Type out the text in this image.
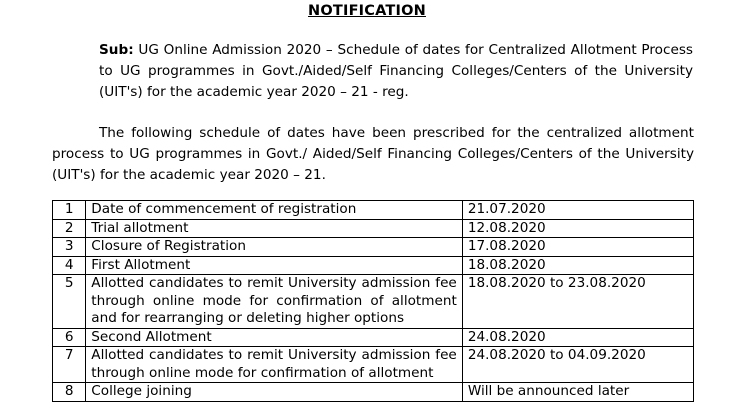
NOTIFICATION

Sub: UG Online Admission 2020 – Schedule of dates for Centralized Allotment Process to UG programmes in Govt./Aided/Self Financing Colleges/Centers of the University (UIT's) for the academic year 2020 – 21 - reg.

The following schedule of dates have been prescribed for the centralized allotment process to UG programmes in Govt./ Aided/Self Financing Colleges/Centers of the University (UIT's) for the academic year 2020 – 21.

1	Date of commencement of registration	21.07.2020
2	Trial allotment	12.08.2020
3	Closure of Registration	17.08.2020
4	First Allotment	18.08.2020
5	Allotted candidates to remit University admission fee through online mode for confirmation of allotment and for rearranging or deleting higher options	18.08.2020 to 23.08.2020
6	Second Allotment	24.08.2020
7	Allotted candidates to remit University admission fee through online mode for confirmation of allotment	24.08.2020 to 04.09.2020
8	College joining	Will be announced later
